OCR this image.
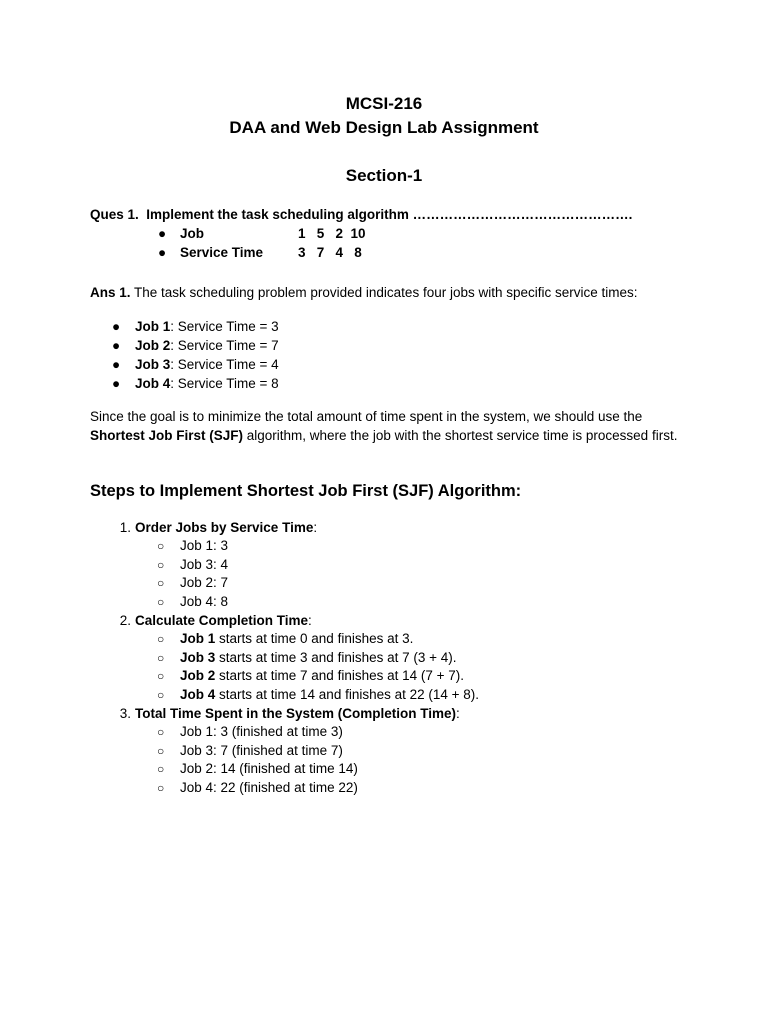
MCSI-216
DAA and Web Design Lab Assignment
Section-1
Ques 1. Implement the task scheduling algorithm ………………………………………….
● Job	1   5   2  10
● Service Time	3   7   4   8
Ans 1. The task scheduling problem provided indicates four jobs with specific service times:
● Job 1: Service Time = 3
● Job 2: Service Time = 7
● Job 3: Service Time = 4
● Job 4: Service Time = 8
Since the goal is to minimize the total amount of time spent in the system, we should use the Shortest Job First (SJF) algorithm, where the job with the shortest service time is processed first.
Steps to Implement Shortest Job First (SJF) Algorithm:
1. Order Jobs by Service Time:
○ Job 1: 3
○ Job 3: 4
○ Job 2: 7
○ Job 4: 8
2. Calculate Completion Time:
○ Job 1 starts at time 0 and finishes at 3.
○ Job 3 starts at time 3 and finishes at 7 (3 + 4).
○ Job 2 starts at time 7 and finishes at 14 (7 + 7).
○ Job 4 starts at time 14 and finishes at 22 (14 + 8).
3. Total Time Spent in the System (Completion Time):
○ Job 1: 3 (finished at time 3)
○ Job 3: 7 (finished at time 7)
○ Job 2: 14 (finished at time 14)
○ Job 4: 22 (finished at time 22)
